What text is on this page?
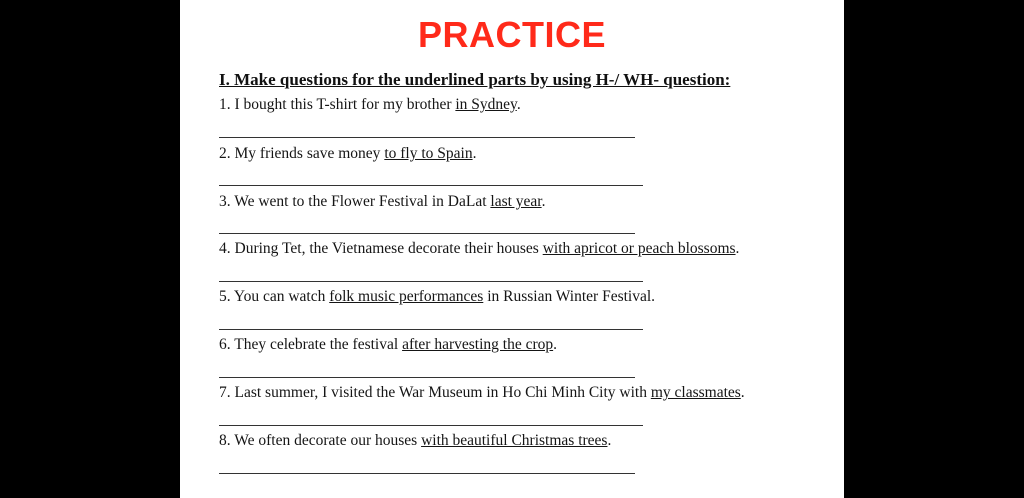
PRACTICE
I. Make questions for the underlined parts by using H-/ WH- question:
1. I bought this T-shirt for my brother in Sydney.
2. My friends save money to fly to Spain.
3. We went to the Flower Festival in DaLat last year.
4. During Tet, the Vietnamese decorate their houses with apricot or peach blossoms.
5. You can watch folk music performances in Russian Winter Festival.
6. They celebrate the festival after harvesting the crop.
7. Last summer, I visited the War Museum in Ho Chi Minh City with my classmates.
8. We often decorate our houses with beautiful Christmas trees.
